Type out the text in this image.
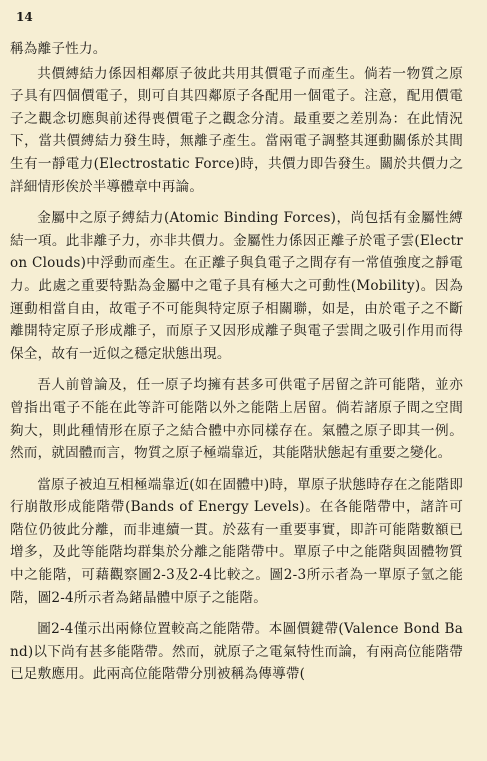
14

稱為離子性力。

共價縛結力係因相鄰原子彼此共用其價電子而產生。倘若一物質之原子具有四個價電子，則可自其四鄰原子各配用一個電子。注意，配用價電子之觀念切應與前述得喪價電子之觀念分清。最重要之差別為：在此情況下，當共價縛結力發生時，無離子產生。當兩電子調整其運動關係於其間生有一靜電力(Electrostatic Force)時，共價力即告發生。關於共價力之詳細情形俟於半導體章中再論。

金屬中之原子縛結力(Atomic Binding Forces)，尚包括有金屬性縛結一項。此非離子力，亦非共價力。金屬性力係因正離子於電子雲(Electron Clouds)中浮動而產生。在正離子與負電子之間存有一常值強度之靜電力。此處之重要特點為金屬中之電子具有極大之可動性(Mobility)。因為運動相當自由，故電子不可能與特定原子相關聯，如是，由於電子之不斷離開特定原子形成離子，而原子又因形成離子與電子雲間之吸引作用而得保全，故有一近似之穩定狀態出現。

吾人前曾論及，任一原子均擁有甚多可供電子居留之許可能階，並亦曾指出電子不能在此等許可能階以外之能階上居留。倘若諸原子間之空間夠大，則此種情形在原子之結合體中亦同樣存在。氣體之原子即其一例。然而，就固體而言，物質之原子極端靠近，其能階狀態起有重要之變化。

當原子被迫互相極端靠近(如在固體中)時，單原子狀態時存在之能階即行崩散形成能階帶(Bands of Energy Levels)。在各能階帶中，諸許可階位仍彼此分離，而非連續一貫。於茲有一重要事實，即許可能階數額已增多，及此等能階均群集於分離之能階帶中。單原子中之能階與固體物質中之能階，可藉觀察圖2-3及2-4比較之。圖2-3所示者為一單原子氫之能階，圖2-4所示者為鍺晶體中原子之能階。

圖2-4僅示出兩條位置較高之能階帶。本圖價鍵帶(Valence Bond Band)以下尚有甚多能階帶。然而，就原子之電氣特性而論，有兩高位能階帶已足敷應用。此兩高位能階帶分別被稱為傳導帶(
